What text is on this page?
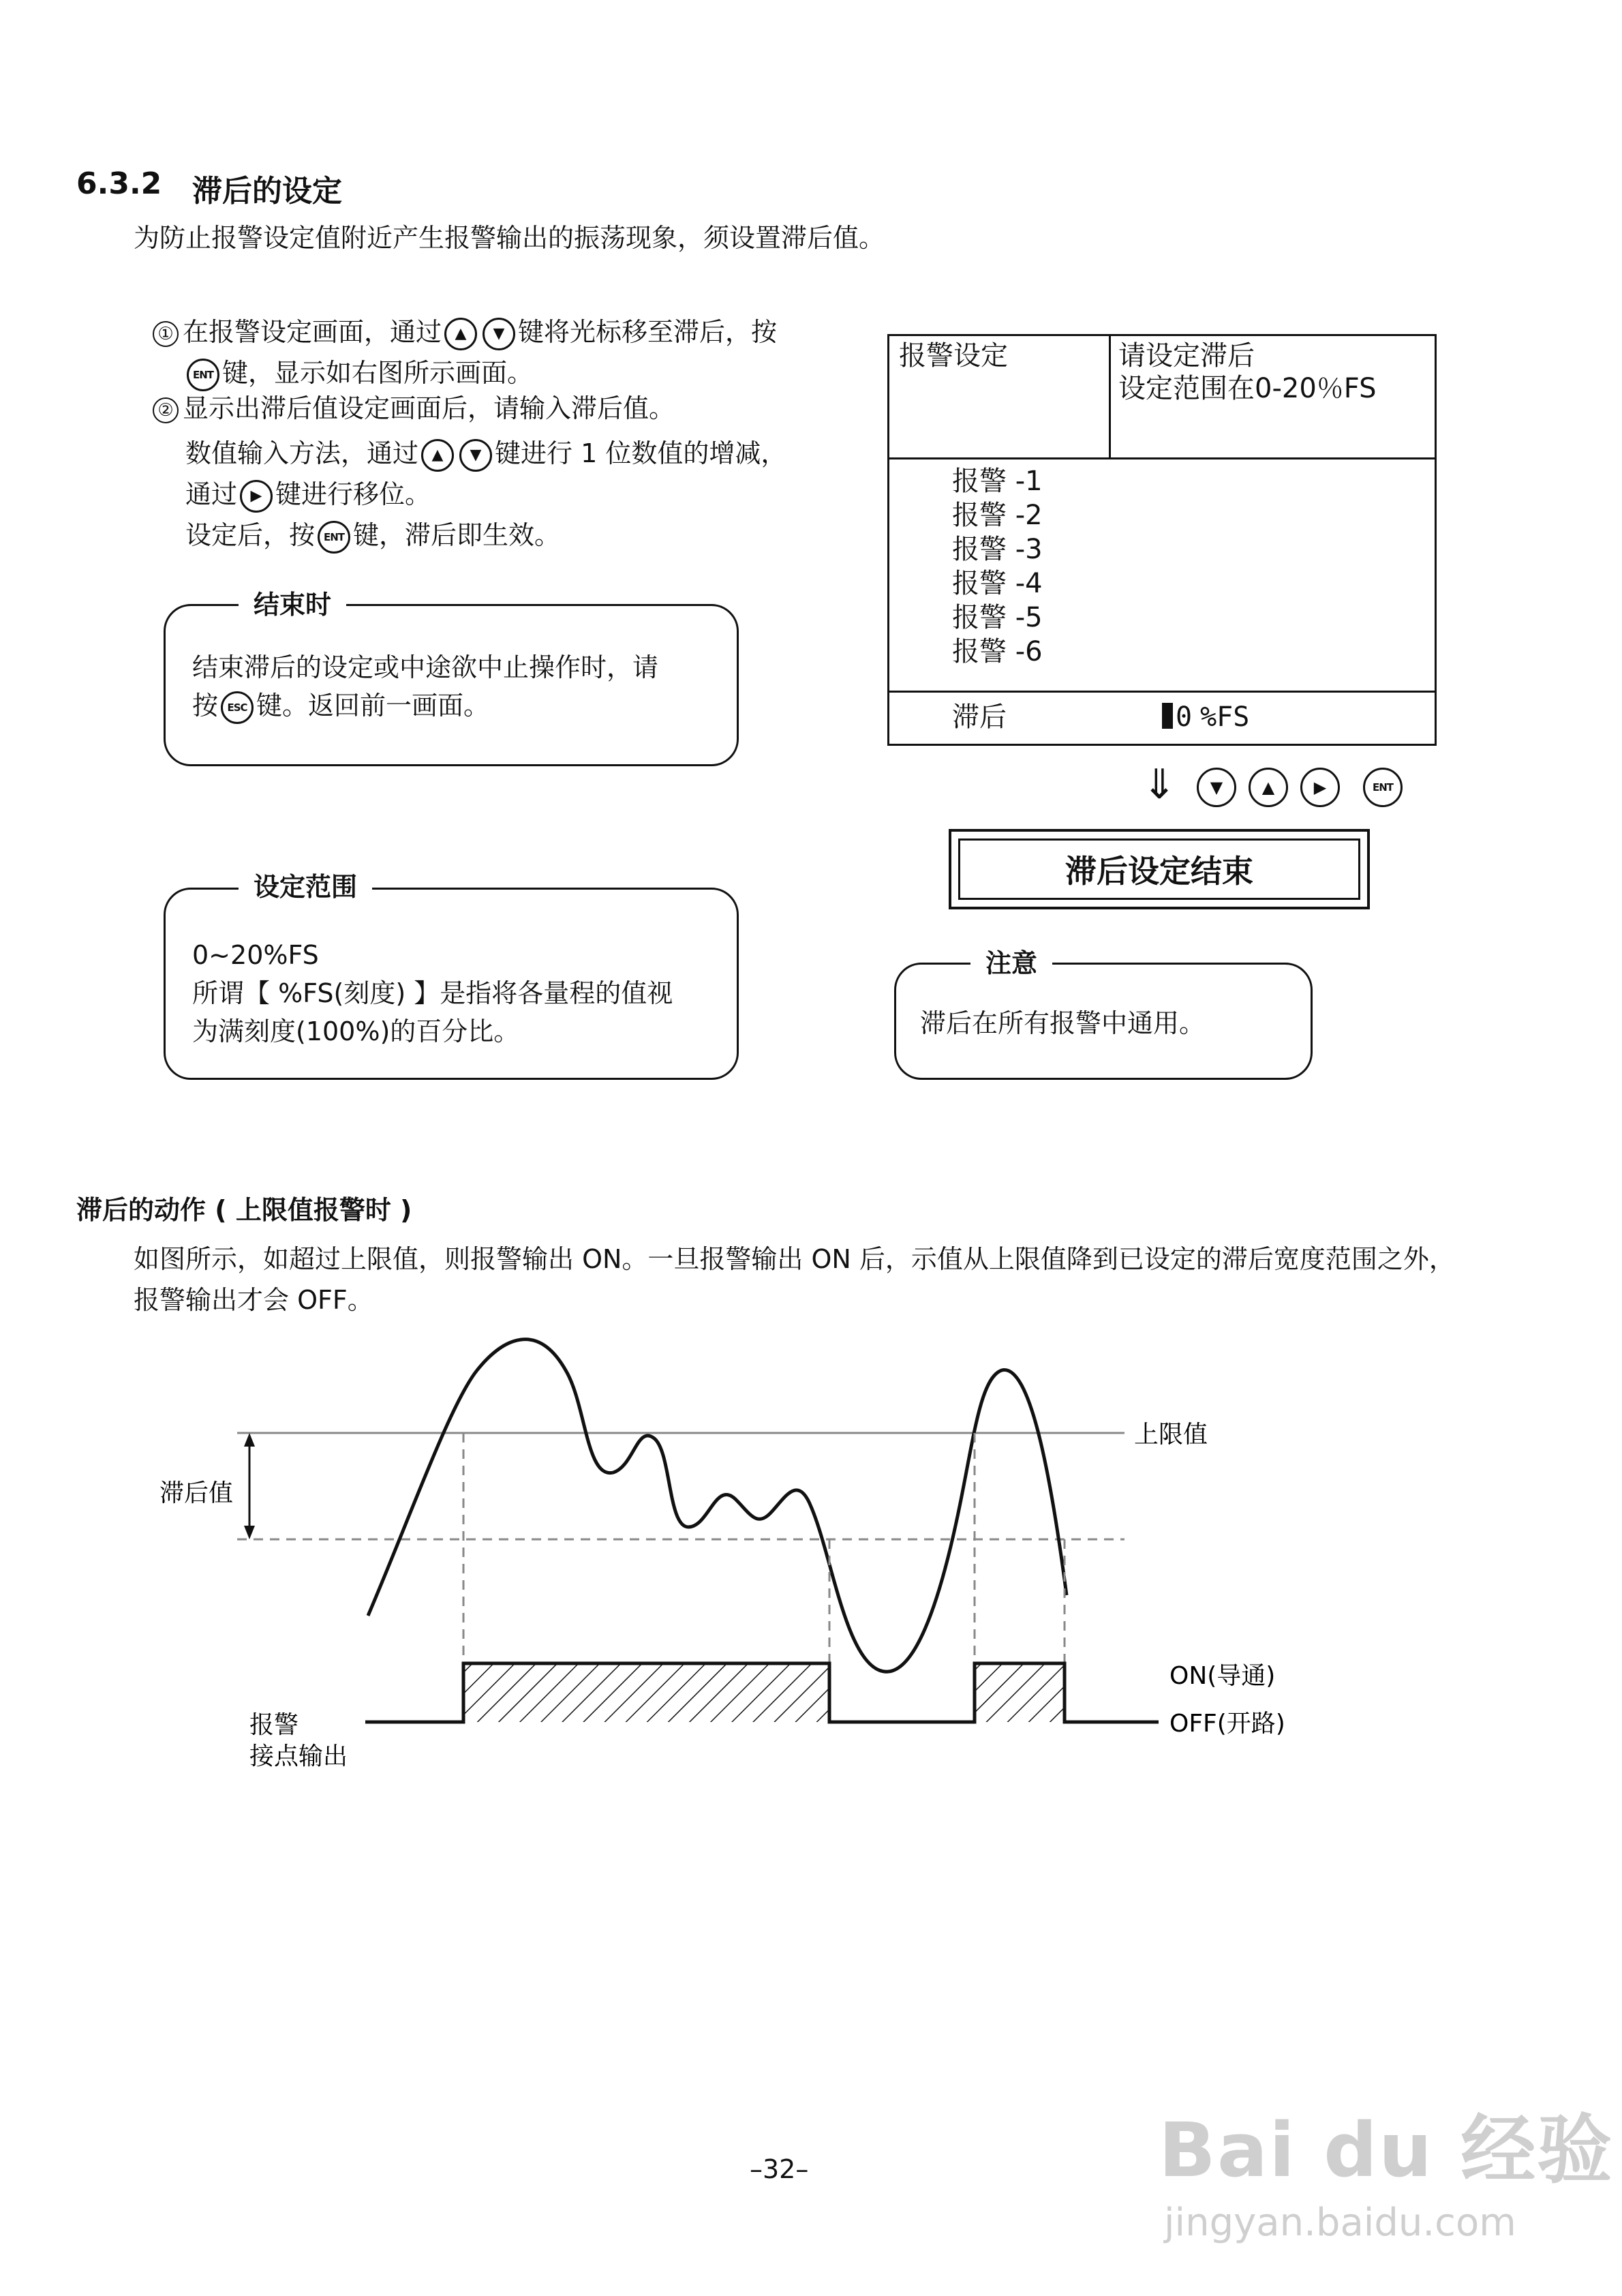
6.3.2 滞后的设定
为防止报警设定值附近产生报警输出的振荡现象，须设置滞后值。
① 在报警设定画面，通过 ▲ ▼ 键将光标移至滞后，按
ENT 键，显示如右图所示画面。
② 显示出滞后值设定画面后，请输入滞后值。
数值输入方法，通过 ▲ ▼ 键进行 1 位数值的增减，
通过 ▶ 键进行移位。
设定后，按 ENT 键，滞后即生效。
结束时
结束滞后的设定或中途欲中止操作时，请
按 ESC 键。返回前一画面。
设定范围
0~20%FS
所谓【 %FS(刻度) 】是指将各量程的值视
为满刻度(100%)的百分比。
报警设定	请设定滞后
设定范围在0-20％FS
报警 -1
报警 -2
报警 -3
报警 -4
报警 -5
报警 -6
滞后	0 %FS
⇓	▼ ▲ ▶	ENT
滞后设定结束
注意
滞后在所有报警中通用。
滞后的动作 ( 上限值报警时 )
如图所示，如超过上限值，则报警输出 ON。一旦报警输出 ON 后，示值从上限值降到已设定的滞后宽度范围之外，
报警输出才会 OFF。
上限值
滞后值
ON(导通)
OFF(开路)
报警
接点输出
–32–	Bai du 经验
jingyan.baidu.com
